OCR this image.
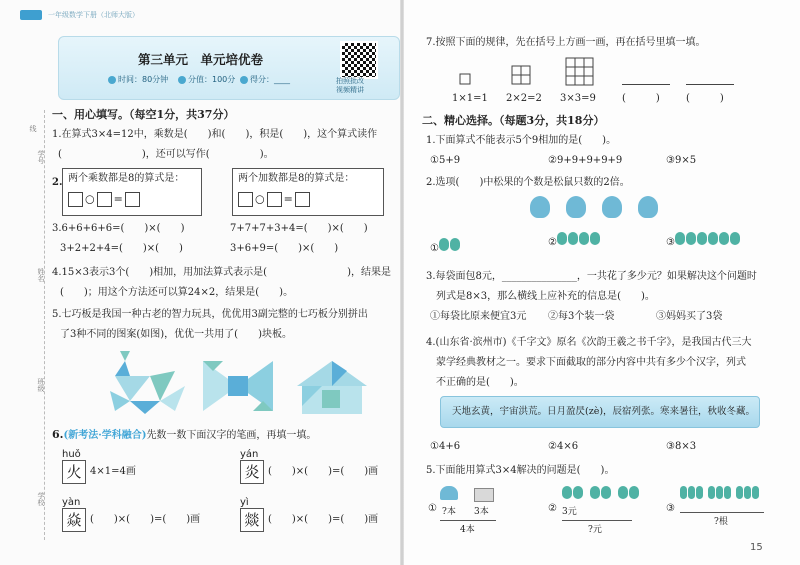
学号
姓名
班级
学校
线
一年级数学下册（北师大版）
第三单元　单元培优卷
时间：80分钟	分值：100分	得分：____	拍照批改
视频精讲
一、用心填写。（每空1分，共37分）
1.在算式3×4=12中，乘数是(　　)和(　　)，积是(　　)，这个算式读作
(　　　　　　　　)，还可以写作(　　　　　)。
2. 两个乘数都是8的算式是：
○ =
两个加数都是8的算式是：
○ =
3.6+6+6+6=(　　)×(　　)	7+7+7+3+4=(　　)×(　　)
3+2+2+4=(　　)×(　　)	3+6+9=(　　)×(　　)
4.15×3表示3个(　　)相加，用加法算式表示是(　　　　　　　　)，结果是
(　　)；用这个方法还可以算24×2，结果是(　　)。
5.七巧板是我国一种古老的智力玩具，优优用3副完整的七巧板分别拼出
了3种不同的图案(如图)，优优一共用了(　　)块板。
6.(新考法·学科融合)先数一数下面汉字的笔画，再填一填。
huǒ
火 4×1=4画
yán
炎 (　　)×(　　)=(　　)画
yàn
焱 (　　)×(　　)=(　　)画
yì
燚 (　　)×(　　)=(　　)画
7.按照下面的规律，先在括号上方画一画，再在括号里填一填。
1×1=1 2×2=2 3×3=9	(　　　)	(　　　)
二、精心选择。（每题3分，共18分）
1.下面算式不能表示5个9相加的是(　　)。
①5+9	②9+9+9+9+9	③9×5
2.选项(　　)中松果的个数是松鼠只数的2倍。
①
②	③
3.每袋面包8元，_______________，一共花了多少元？如果解决这个问题时
列式是8×3，那么横线上应补充的信息是(　　)。
①每袋比原来便宜3元 ②每3个装一袋	③妈妈买了3袋
4.(山东省·滨州市)《千字文》原名《次韵王羲之书千字》，是我国古代三大
蒙学经典教材之一。要求下面截取的部分内容中共有多少个汉字，列式
不正确的是(　　)。
天地玄黄，宇宙洪荒。日月盈昃(zè)，辰宿列张。寒来暑往，秋收冬藏。
①4+6	②4×6	③8×3
5.下面能用算式3×4解决的问题是(　　)。
① ?本 3本
4本
② 3元
?元
③
?根
15
